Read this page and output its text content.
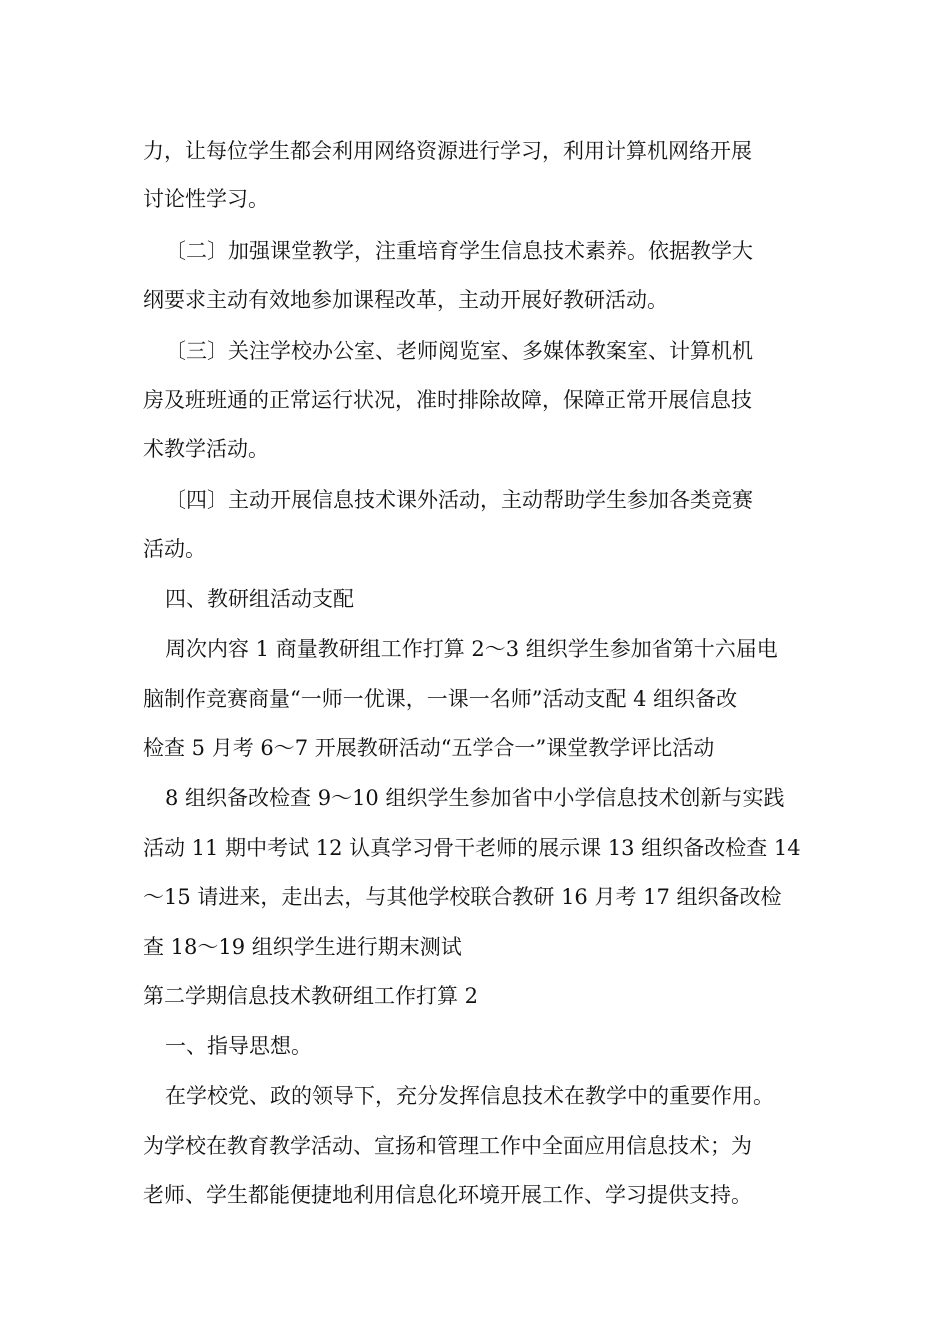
力，让每位学生都会利用网络资源进行学习，利用计算机网络开展
讨论性学习。
〔二〕加强课堂教学，注重培育学生信息技术素养。依据教学大
纲要求主动有效地参加课程改革，主动开展好教研活动。
〔三〕关注学校办公室、老师阅览室、多媒体教案室、计算机机
房及班班通的正常运行状况，准时排除故障，保障正常开展信息技
术教学活动。
〔四〕主动开展信息技术课外活动，主动帮助学生参加各类竞赛
活动。
四、教研组活动支配
周次内容 1 商量教研组工作打算 2～3 组织学生参加省第十六届电
脑制作竞赛商量“一师一优课，一课一名师”活动支配 4 组织备改
检查 5 月考 6～7 开展教研活动“五学合一”课堂教学评比活动
8 组织备改检查 9～10 组织学生参加省中小学信息技术创新与实践
活动 11 期中考试 12 认真学习骨干老师的展示课 13 组织备改检查 14
～15 请进来，走出去，与其他学校联合教研 16 月考 17 组织备改检
查 18～19 组织学生进行期末测试
第二学期信息技术教研组工作打算 2
一、指导思想。
在学校党、政的领导下，充分发挥信息技术在教学中的重要作用。
为学校在教育教学活动、宣扬和管理工作中全面应用信息技术；为
老师、学生都能便捷地利用信息化环境开展工作、学习提供支持。
